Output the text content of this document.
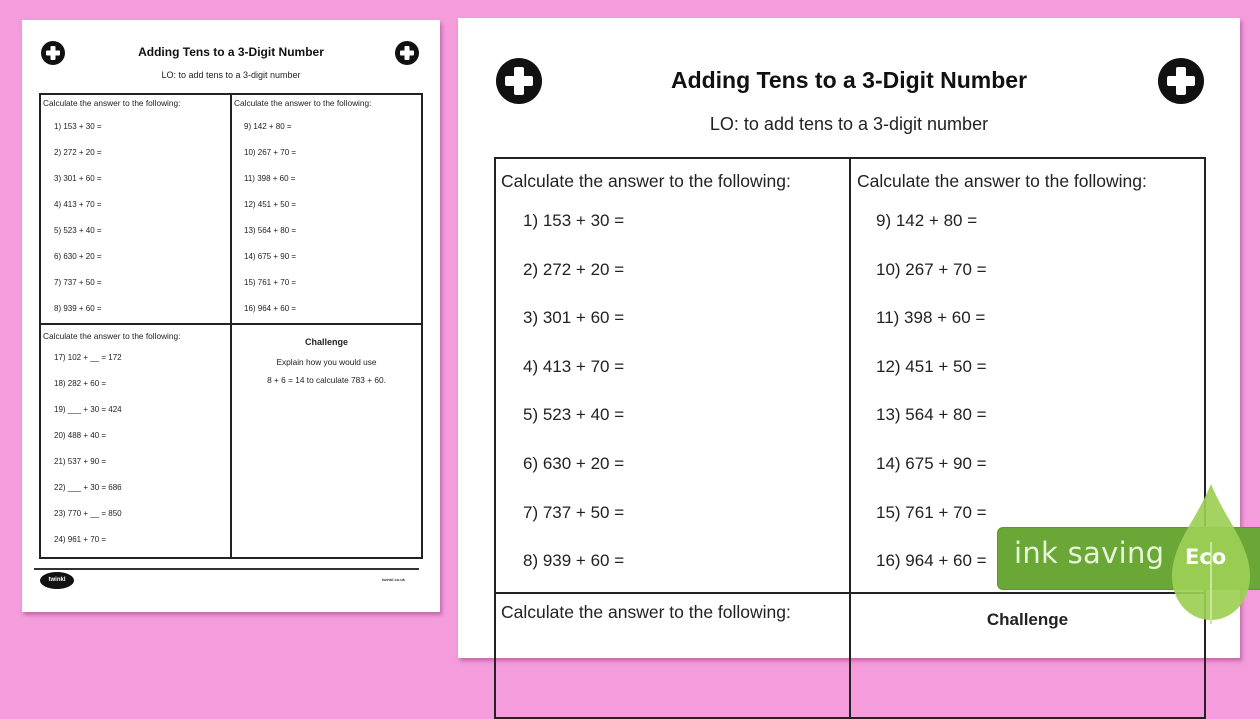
Adding Tens to a 3-Digit Number
LO: to add tens to a 3-digit number
Calculate the answer to the following:
1) 153 + 30 =
2) 272 + 20 =
3) 301 + 60 =
4) 413 + 70 =
5) 523 + 40 =
6) 630 + 20 =
7) 737 + 50 =
8) 939 + 60 =
Calculate the answer to the following:
9) 142 + 80 =
10) 267 + 70 =
11) 398 + 60 =
12) 451 + 50 =
13) 564 + 80 =
14) 675 + 90 =
15) 761 + 70 =
16) 964 + 60 =
Calculate the answer to the following:
17) 102 + __ = 172
18) 282 + 60 =
19) ___ + 30 = 424
20) 488 + 40 =
21) 537 + 90 =
22) ___ + 30 = 686
23) 770 + __ = 850
24) 961 + 70 =
Challenge
Explain how you would use
8 + 6 = 14 to calculate 783 + 60.
twinkl	twinkl.co.uk
Adding Tens to a 3-Digit Number
LO: to add tens to a 3-digit number
Calculate the answer to the following:
1) 153 + 30 =
2) 272 + 20 =
3) 301 + 60 =
4) 413 + 70 =
5) 523 + 40 =
6) 630 + 20 =
7) 737 + 50 =
8) 939 + 60 =
Calculate the answer to the following:
9) 142 + 80 =
10) 267 + 70 =
11) 398 + 60 =
12) 451 + 50 =
13) 564 + 80 =
14) 675 + 90 =
15) 761 + 70 =
16) 964 + 60 =
Calculate the answer to the following:	Challenge
ink saving Eco
